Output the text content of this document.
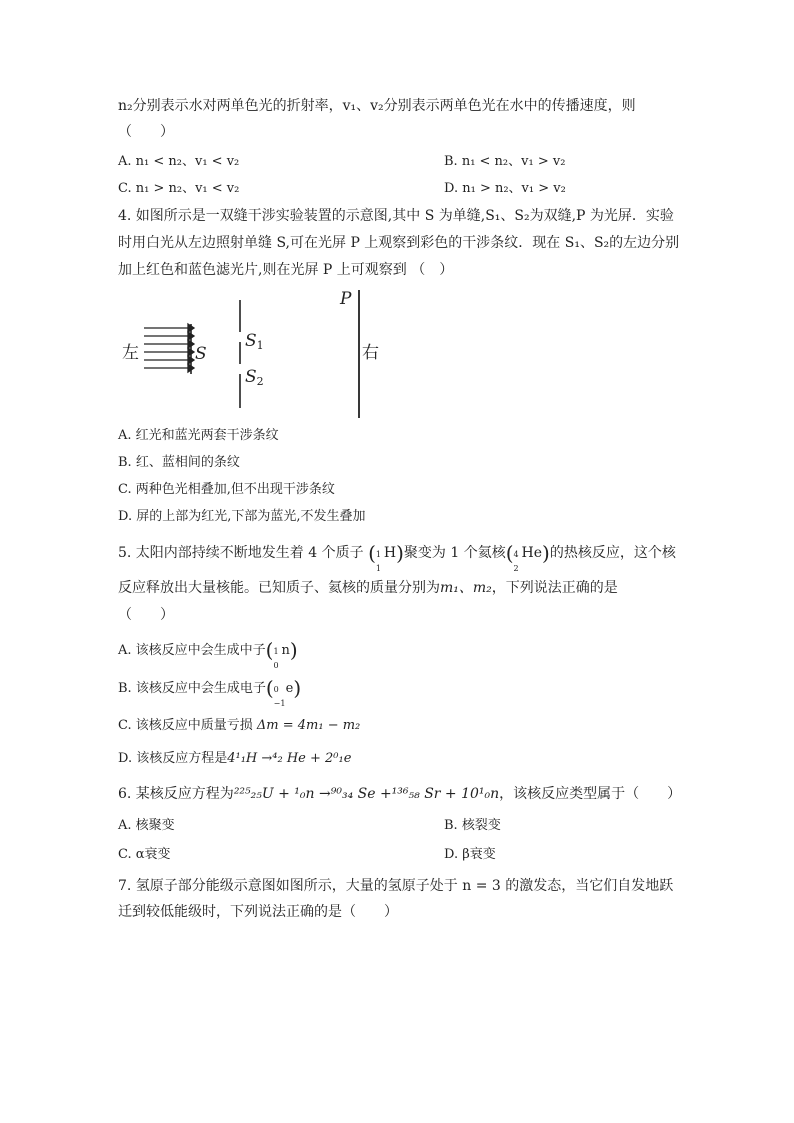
n₂分别表示水对两单色光的折射率，v₁、v₂分别表示两单色光在水中的传播速度，则
（　　）
A. n₁ < n₂、v₁ < v₂	B. n₁ < n₂、v₁ > v₂
C. n₁ > n₂、v₁ < v₂	D. n₁ > n₂、v₁ > v₂
4. 如图所示是一双缝干涉实验装置的示意图,其中 S 为单缝,S₁、S₂为双缝,P 为光屏．实验
时用白光从左边照射单缝 S,可在光屏 P 上观察到彩色的干涉条纹．现在 S₁、S₂的左边分别
加上红色和蓝色滤光片,则在光屏 P 上可观察到 （　）
左	S
S1
S2
P
右
A. 红光和蓝光两套干涉条纹
B. 红、蓝相间的条纹
C. 两种色光相叠加,但不出现干涉条纹
D. 屏的上部为红光,下部为蓝光,不发生叠加
5. 太阳内部持续不断地发生着 4 个质子 ( 1
1
H)聚变为 1 个氦核( 4
2
He)的热核反应，这个核
反应释放出大量核能。已知质子、氦核的质量分别为m₁、m₂，下列说法正确的是
（　　）
A. 该核反应中会生成中子( 1
0
n)
B. 该核反应中会生成电子( 0
−1
e)
C. 该核反应中质量亏损 Δm = 4m₁ − m₂
D. 该核反应方程是4¹₁H →⁴₂ He + 2⁰₁e
6. 某核反应方程为²²⁵₂₅U + ¹₀n →⁹⁰₃₄ Se +¹³⁶₅₈ Sr + 10¹₀n，该核反应类型属于（　　）
A. 核聚变	B. 核裂变
C. α衰变	D. β衰变
7. 氢原子部分能级示意图如图所示，大量的氢原子处于 n = 3 的激发态，当它们自发地跃
迁到较低能级时，下列说法正确的是（　　）
